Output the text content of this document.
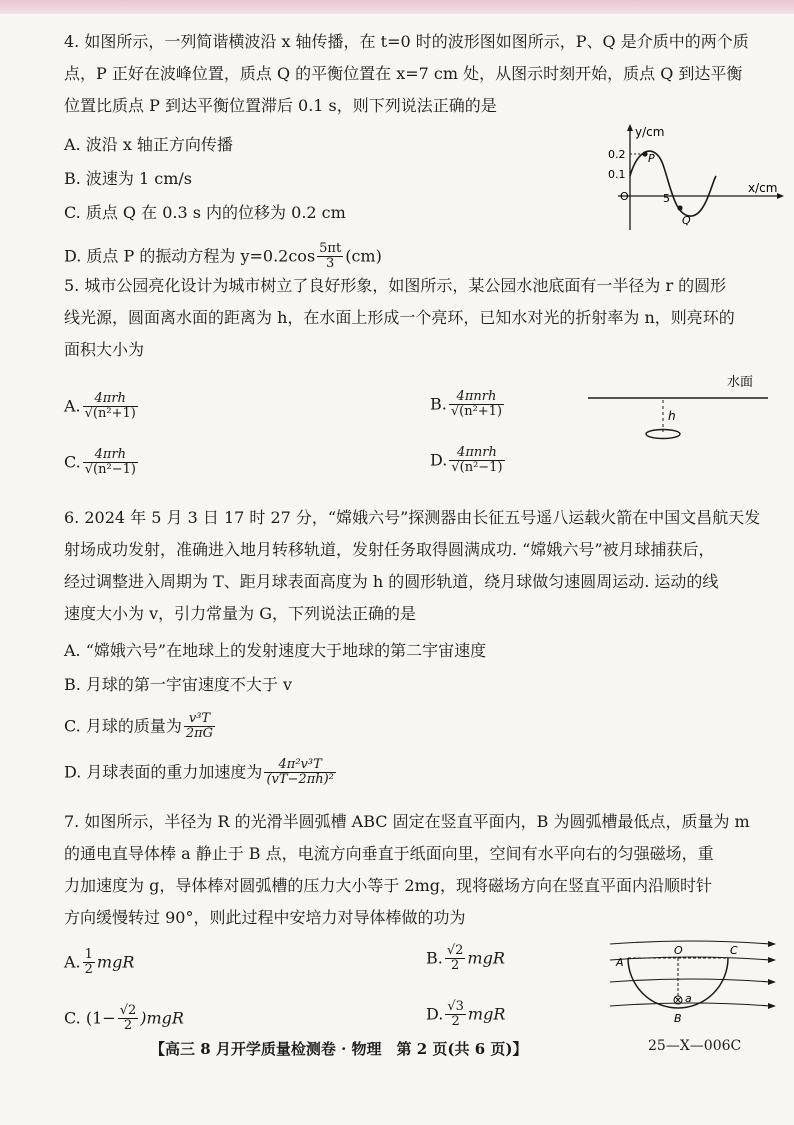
4. 如图所示，一列简谐横波沿 x 轴传播，在 t=0 时的波形图如图所示，P、Q 是介质中的两个质

点，P 正好在波峰位置，质点 Q 的平衡位置在 x=7 cm 处，从图示时刻开始，质点 Q 到达平衡

位置比质点 P 到达平衡位置滞后 0.1 s，则下列说法正确的是

A. 波沿 x 轴正方向传播
B. 波速为 1 cm/s
C. 质点 Q 在 0.3 s 内的位移为 0.2 cm
D. 质点 P 的振动方程为 $y=0.2\cos \frac{5\pi t}{3} (cm)$
y/cm
x/cm
0.2
0.1
O	5
P
Q

5. 城市公园亮化设计为城市树立了良好形象，如图所示，某公园水池底面有一半径为 r 的圆形

线光源，圆面离水面的距离为 h，在水面上形成一个亮环，已知水对光的折射率为 n，则亮环的

面积大小为

A. $\frac{\text{4πrh}}{\text{√(n²+1)}}$	B. $\frac{\text{4πnrh}}{\text{√(n²+1)}}$
C. $\frac{\text{4πrh}}{\text{√(n²−1)}}$	D. $\frac{\text{4πnrh}}{\text{√(n²−1)}}$
水面
h

6. 2024 年 5 月 3 日 17 时 27 分，“嫦娥六号”探测器由长征五号遥八运载火箭在中国文昌航天发

射场成功发射，准确进入地月转移轨道，发射任务取得圆满成功. “嫦娥六号”被月球捕获后，

经过调整进入周期为 T、距月球表面高度为 h 的圆形轨道，绕月球做匀速圆周运动. 运动的线

速度大小为 v，引力常量为 G，下列说法正确的是

A. “嫦娥六号”在地球上的发射速度大于地球的第二宇宙速度
B. 月球的第一宇宙速度不大于 v
C. 月球的质量为 $\frac{\text{v³T}}{2\pi G}$
D. 月球表面的重力加速度为 $\frac{\text{4π²v³T}}{\text{(vT−2πh)²}}$

7. 如图所示，半径为 R 的光滑半圆弧槽 ABC 固定在竖直平面内，B 为圆弧槽最低点，质量为 m

的通电直导体棒 a 静止于 B 点，电流方向垂直于纸面向里，空间有水平向右的匀强磁场，重

力加速度为 g，导体棒对圆弧槽的压力大小等于 2mg，现将磁场方向在竖直平面内沿顺时针

方向缓慢转过 90°，则此过程中安培力对导体棒做的功为

A. $\frac{1}{2}$ mgR	B. $\frac{√2}{2}$ mgR
C. $(1- \frac{√2}{2} )mgR$	D. $\frac{√3}{2}$ mgR
A
O	C
a
B
【高三 8 月开学质量检测卷 · 物理　第 2 页(共 6 页)】	25—X—006C
